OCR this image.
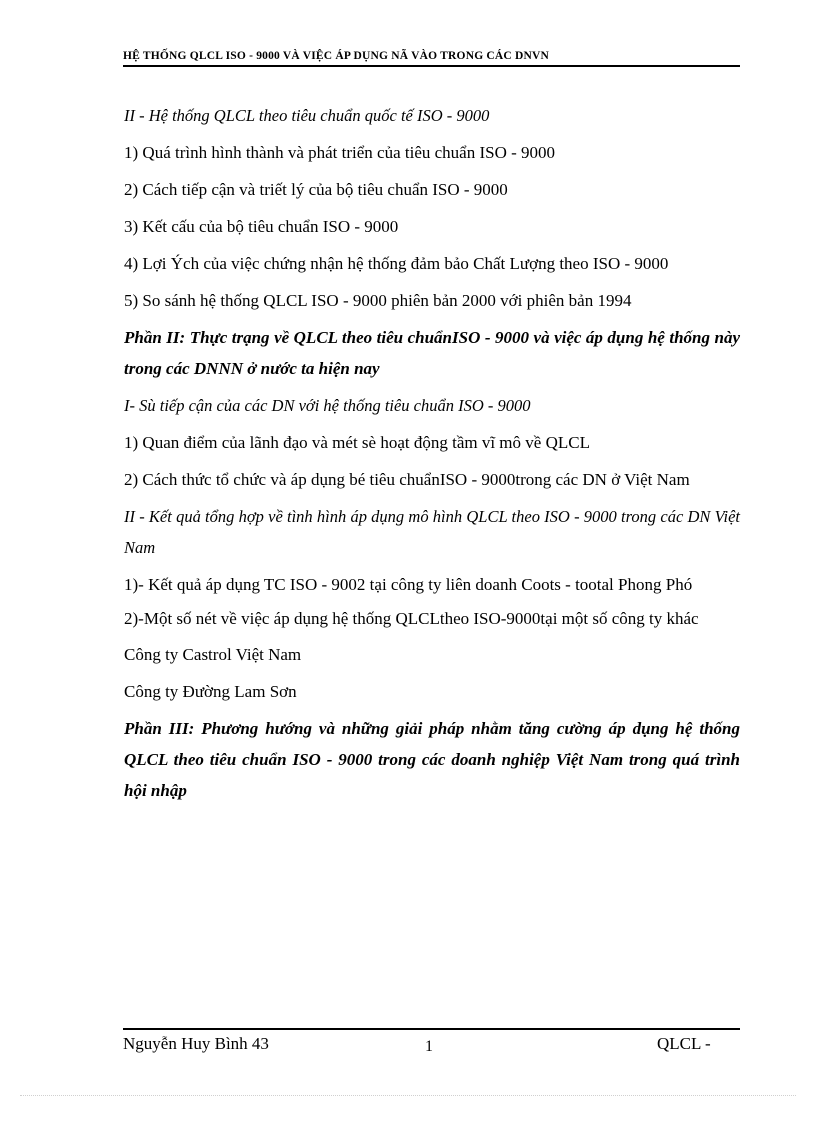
HỆ THỐNG QLCL ISO - 9000 VÀ VIỆC ÁP DỤNG NÃ VÀO TRONG CÁC DNVN

II - Hệ thống QLCL theo tiêu chuẩn quốc tế ISO - 9000

1) Quá trình hình thành và phát triển của tiêu chuẩn ISO - 9000

2) Cách tiếp cận và triết lý của bộ tiêu chuẩn ISO - 9000

3) Kết cấu của bộ tiêu chuẩn ISO - 9000

4) Lợi Ých của việc chứng nhận hệ thống đảm bảo Chất Lượng theo ISO - 9000

5) So sánh hệ thống QLCL ISO - 9000 phiên bản 2000 với phiên bản 1994

Phần II: Thực trạng về QLCL theo tiêu chuẩnISO - 9000 và việc áp dụng hệ thống này trong các DNNN ở nước ta hiện nay

I- Sù tiếp cận của các DN với hệ thống tiêu chuẩn ISO - 9000

1) Quan điểm của lãnh đạo và mét sè hoạt động tầm vĩ mô về QLCL

2) Cách thức tổ chức và áp dụng bé tiêu chuẩnISO - 9000trong các DN ở Việt Nam

II - Kết quả tổng hợp về tình hình áp dụng mô hình QLCL theo ISO - 9000 trong các DN Việt Nam

1)- Kết quả áp dụng TC ISO - 9002 tại công ty liên doanh Coots - tootal Phong Phó

2)-Một số nét về việc áp dụng hệ thống QLCLtheo ISO-9000tại một số công ty khác

Công ty Castrol Việt Nam

Công ty Đường Lam Sơn

Phần III: Phương hướng và những giải pháp nhằm tăng cường áp dụng hệ thống QLCL theo tiêu chuẩn ISO - 9000 trong các doanh nghiệp Việt Nam trong quá trình hội nhập

Nguyễn Huy Bình 43	1	QLCL -
